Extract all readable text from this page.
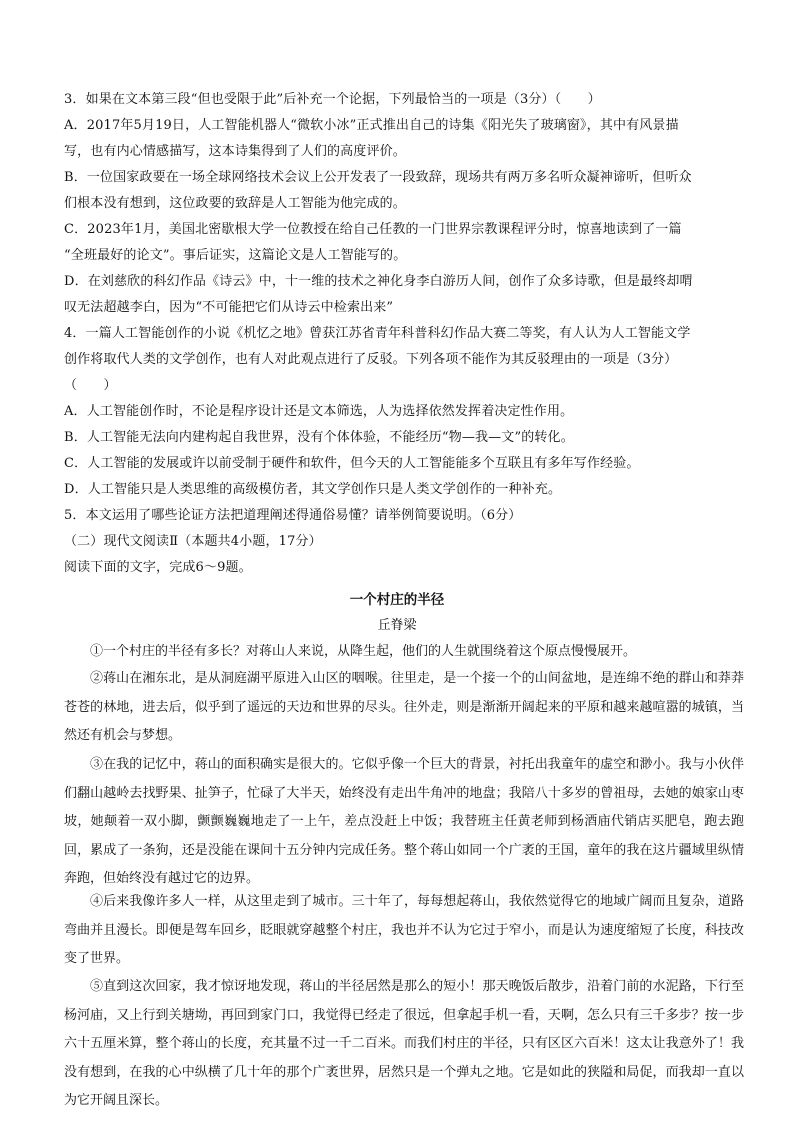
3．如果在文本第三段“但也受限于此”后补充一个论据，下列最恰当的一项是（3分）（　　）
A．2017年5月19日，人工智能机器人“微软小冰”正式推出自己的诗集《阳光失了玻璃窗》，其中有风景描
写，也有内心情感描写，这本诗集得到了人们的高度评价。
B．一位国家政要在一场全球网络技术会议上公开发表了一段致辞，现场共有两万多名听众凝神谛听，但听众
们根本没有想到，这位政要的致辞是人工智能为他完成的。
C．2023年1月，美国北密歇根大学一位教授在给自己任教的一门世界宗教课程评分时，惊喜地读到了一篇
“全班最好的论文”。事后证实，这篇论文是人工智能写的。
D．在刘慈欣的科幻作品《诗云》中，十一维的技术之神化身李白游历人间，创作了众多诗歌，但是最终却喟
叹无法超越李白，因为“不可能把它们从诗云中检索出来”
4．一篇人工智能创作的小说《机忆之地》曾获江苏省青年科普科幻作品大赛二等奖，有人认为人工智能文学
创作将取代人类的文学创作，也有人对此观点进行了反驳。下列各项不能作为其反驳理由的一项是（3分）
（　　）
A．人工智能创作时，不论是程序设计还是文本筛选，人为选择依然发挥着决定性作用。
B．人工智能无法向内建构起自我世界，没有个体体验，不能经历“物—我—文”的转化。
C．人工智能的发展或许以前受制于硬件和软件，但今天的人工智能能多个互联且有多年写作经验。
D．人工智能只是人类思维的高级模仿者，其文学创作只是人类文学创作的一种补充。
5．本文运用了哪些论证方法把道理阐述得通俗易懂？请举例简要说明。（6分）
（二）现代文阅读Ⅱ（本题共4小题，17分）
阅读下面的文字，完成6～9题。
一个村庄的半径
丘脊梁
①一个村庄的半径有多长？对蒋山人来说，从降生起，他们的人生就围绕着这个原点慢慢展开。
②蒋山在湘东北，是从洞庭湖平原进入山区的咽喉。往里走，是一个接一个的山间盆地，是连绵不绝的群山和莽莽苍苍的林地，进去后，似乎到了遥远的天边和世界的尽头。往外走，则是渐渐开阔起来的平原和越来越喧嚣的城镇，当然还有机会与梦想。
③在我的记忆中，蒋山的面积确实是很大的。它似乎像一个巨大的背景，衬托出我童年的虚空和渺小。我与小伙伴们翻山越岭去找野果、扯笋子，忙碌了大半天，始终没有走出牛角冲的地盘；我陪八十多岁的曾祖母，去她的娘家山枣坡，她颠着一双小脚，颤颤巍巍地走了一上午，差点没赶上中饭；我替班主任黄老师到杨酒庙代销店买肥皂，跑去跑回，累成了一条狗，还是没能在课间十五分钟内完成任务。整个蒋山如同一个广袤的王国，童年的我在这片疆域里纵情奔跑，但始终没有越过它的边界。
④后来我像许多人一样，从这里走到了城市。三十年了，每每想起蒋山，我依然觉得它的地域广阔而且复杂，道路弯曲并且漫长。即便是驾车回乡，眨眼就穿越整个村庄，我也并不认为它过于窄小，而是认为速度缩短了长度，科技改变了世界。
⑤直到这次回家，我才惊讶地发现，蒋山的半径居然是那么的短小！那天晚饭后散步，沿着门前的水泥路，下行至杨河庙，又上行到关塘坳，再回到家门口，我觉得已经走了很远，但拿起手机一看，天啊，怎么只有三千多步？按一步六十五厘米算，整个蒋山的长度，充其量不过一千二百米。而我们村庄的半径，只有区区六百米！这太让我意外了！我没有想到，在我的心中纵横了几十年的那个广袤世界，居然只是一个弹丸之地。它是如此的狭隘和局促，而我却一直以为它开阔且深长。
